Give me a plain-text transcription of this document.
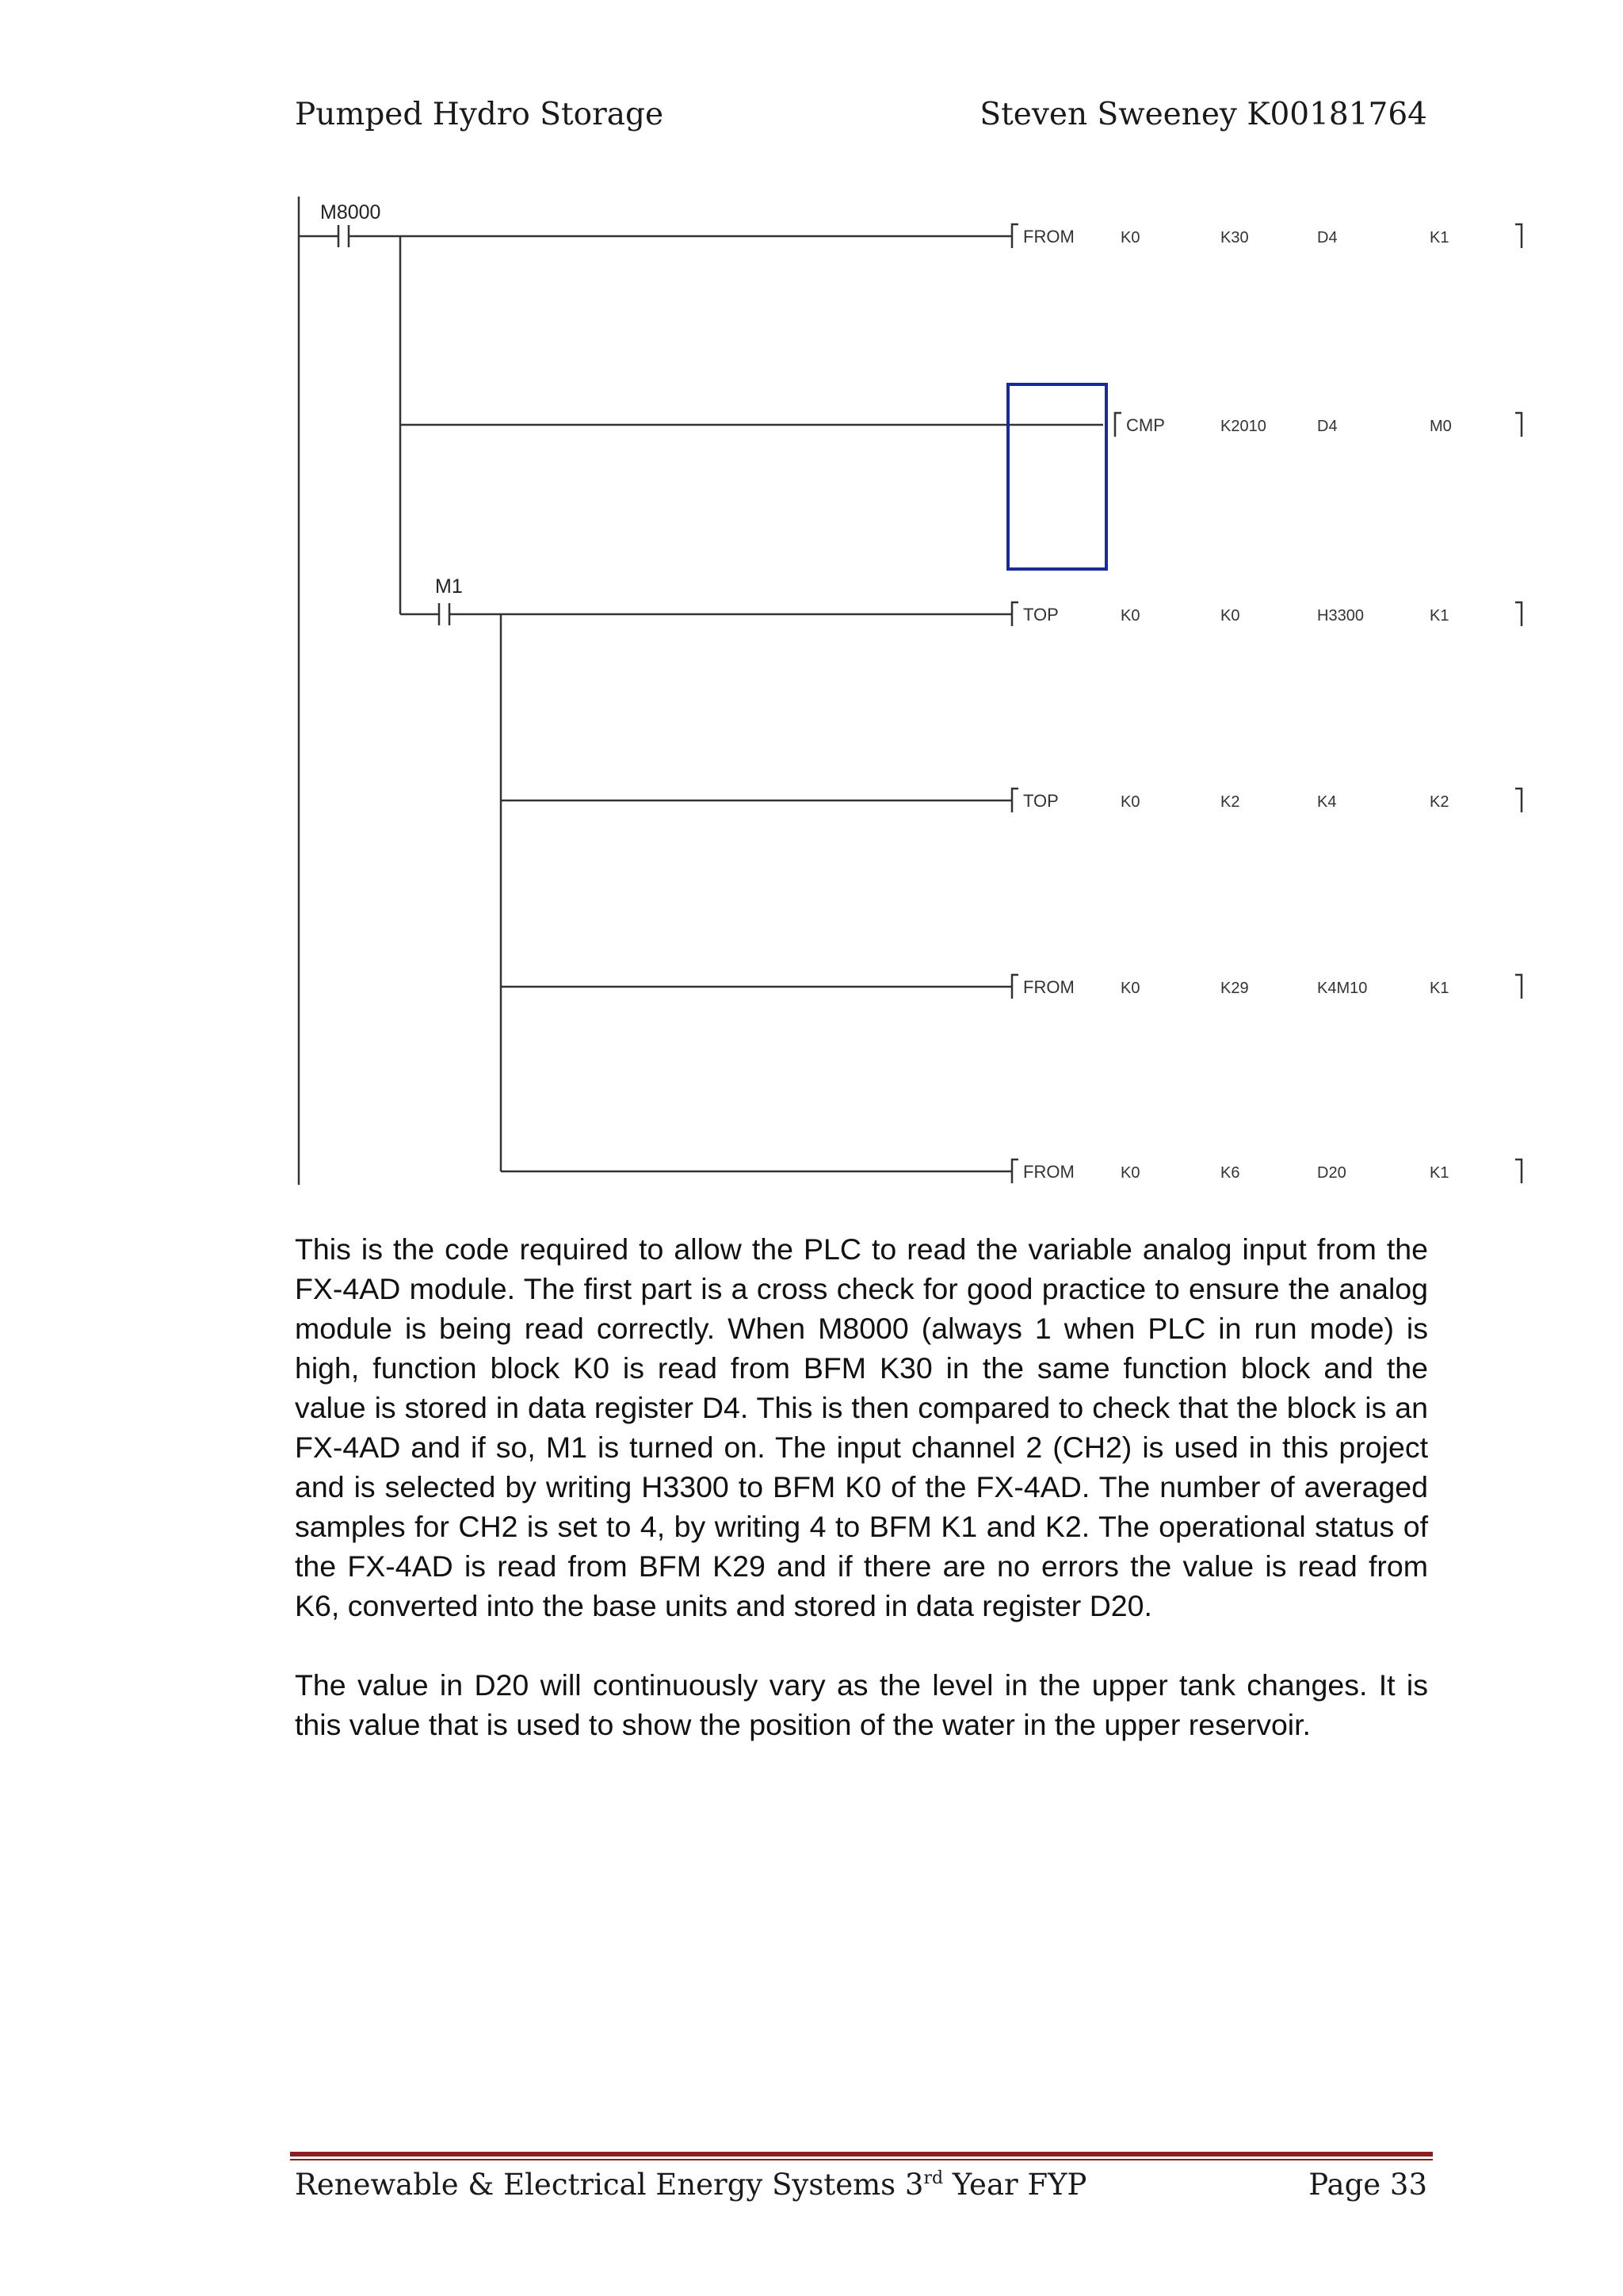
Pumped Hydro Storage	Steven Sweeney K00181764
M8000
M1
FROM	K0	K30	D4	K1
CMP	K2010	D4	M0
TOP	K0	K0	H3300	K1
TOP	K0	K2	K4	K2
FROM	K0	K29	K4M10	K1
FROM	K0	K6	D20	K1

This is the code required to allow the PLC to read the variable analog input from the FX-4AD module. The first part is a cross check for good practice to ensure the analog module is being read correctly. When M8000 (always 1 when PLC in run mode) is high, function block K0 is read from BFM K30 in the same function block and the value is stored in data register D4. This is then compared to check that the block is an FX-4AD and if so, M1 is turned on. The input channel 2 (CH2) is used in this project and is selected by writing H3300 to BFM K0 of the FX-4AD. The number of averaged samples for CH2 is set to 4, by writing 4 to BFM K1 and K2. The operational status of the FX-4AD is read from BFM K29 and if there are no errors the value is read from K6, converted into the base units and stored in data register D20.

The value in D20 will continuously vary as the level in the upper tank changes. It is this value that is used to show the position of the water in the upper reservoir.

Renewable & Electrical Energy Systems 3rd Year FYP	Page 33
